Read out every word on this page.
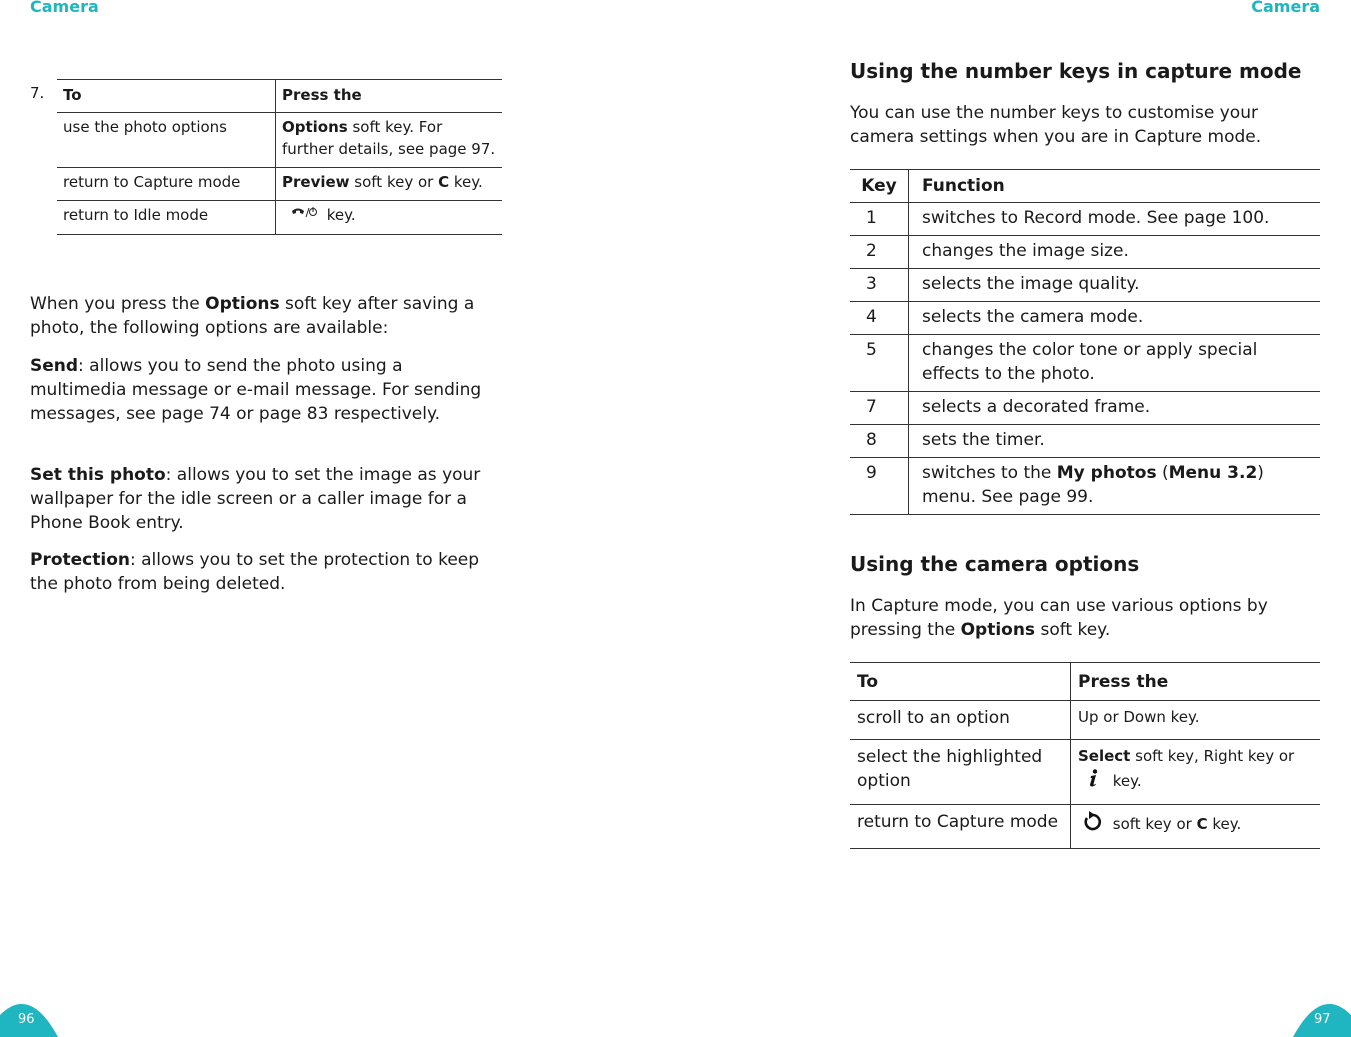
Camera	Camera
7. To	Press the
use the photo options	Options soft key. For further details, see page 97.
return to Capture mode	Preview soft key or C key.
return to Idle mode	key.

When you press the Options soft key after saving a photo, the following options are available:

Send: allows you to send the photo using a multimedia message or e-mail message. For sending messages, see page 74 or page 83 respectively.

Set this photo: allows you to set the image as your wallpaper for the idle screen or a caller image for a Phone Book entry.

Protection: allows you to set the protection to keep the photo from being deleted.

Using the number keys in capture mode

You can use the number keys to customise your camera settings when you are in Capture mode.

Key	Function
1	switches to Record mode. See page 100.
2	changes the image size.
3	selects the image quality.
4	selects the camera mode.
5	changes the color tone or apply special effects to the photo.
7	selects a decorated frame.
8	sets the timer.
9	switches to the My photos (Menu 3.2) menu. See page 99.
Using the camera options

In Capture mode, you can use various options by pressing the Options soft key.

To	Press the
scroll to an option	Up or Down key.
select the highlighted option	Select soft key, Right key or  key.
return to Capture mode	soft key or C key.
96	97
